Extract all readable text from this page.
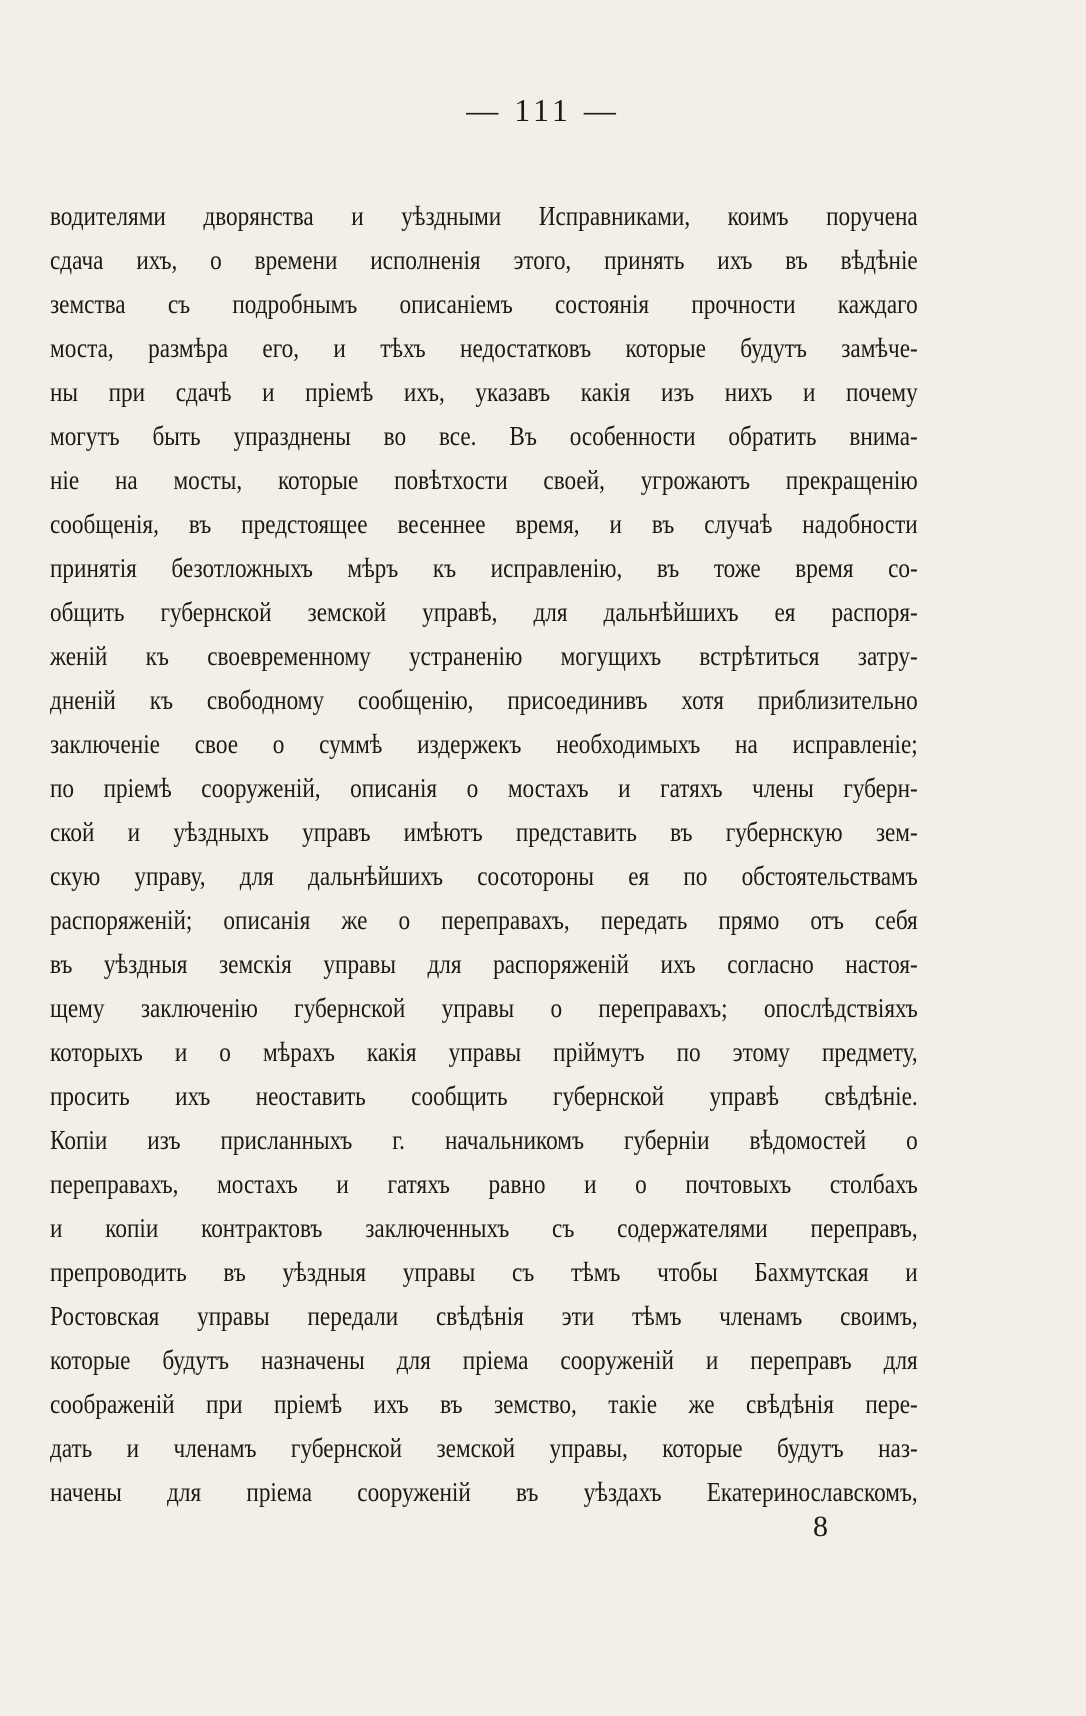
— 111 —
водителями дворянства и уѣздными Исправниками, коимъ поручена
сдача ихъ, о времени исполненія этого, принять ихъ въ вѣдѣніе
земства съ подробнымъ описаніемъ состоянія прочности каждаго
моста, размѣра его, и тѣхъ недостатковъ которые будутъ замѣче-
ны при сдачѣ и пріемѣ ихъ, указавъ какія изъ нихъ и почему
могутъ быть упразднены во все. Въ особенности обратить внима-
ніе на мосты, которые повѣтхости своей, угрожаютъ прекращенію
сообщенія, въ предстоящее весеннее время, и въ случаѣ надобности
принятія безотложныхъ мѣръ къ исправленію, въ тоже время со-
общить губернской земской управѣ, для дальнѣйшихъ ея распоря-
женій къ своевременному устраненію могущихъ встрѣтиться затру-
дненій къ свободному сообщенію, присоединивъ хотя приблизительно
заключеніе свое о суммѣ издержекъ необходимыхъ на исправленіе;
по пріемѣ сооруженій, описанія о мостахъ и гатяхъ члены губерн-
ской и уѣздныхъ управъ имѣютъ представить въ губернскую зем-
скую управу, для дальнѣйшихъ сосотороны ея по обстоятельствамъ
распоряженій; описанія же о переправахъ, передать прямо отъ себя
въ уѣздныя земскія управы для распоряженій ихъ согласно настоя-
щему заключенію губернской управы о переправахъ; опослѣдствіяхъ
которыхъ и о мѣрахъ какія управы пріймутъ по этому предмету,
просить ихъ неоставить сообщить губернской управѣ свѣдѣніе.
Копіи изъ присланныхъ г. начальникомъ губерніи вѣдомостей о
переправахъ, мостахъ и гатяхъ равно и о почтовыхъ столбахъ
и копіи контрактовъ заключенныхъ съ содержателями переправъ,
препроводить въ уѣздныя управы съ тѣмъ чтобы Бахмутская и
Ростовская управы передали свѣдѣнія эти тѣмъ членамъ своимъ,
которые будутъ назначены для пріема сооруженій и переправъ для
соображеній при пріемѣ ихъ въ земство, такіе же свѣдѣнія пере-
дать и членамъ губернской земской управы, которые будутъ наз-
начены для пріема сооруженій въ уѣздахъ Екатеринославскомъ,
8
